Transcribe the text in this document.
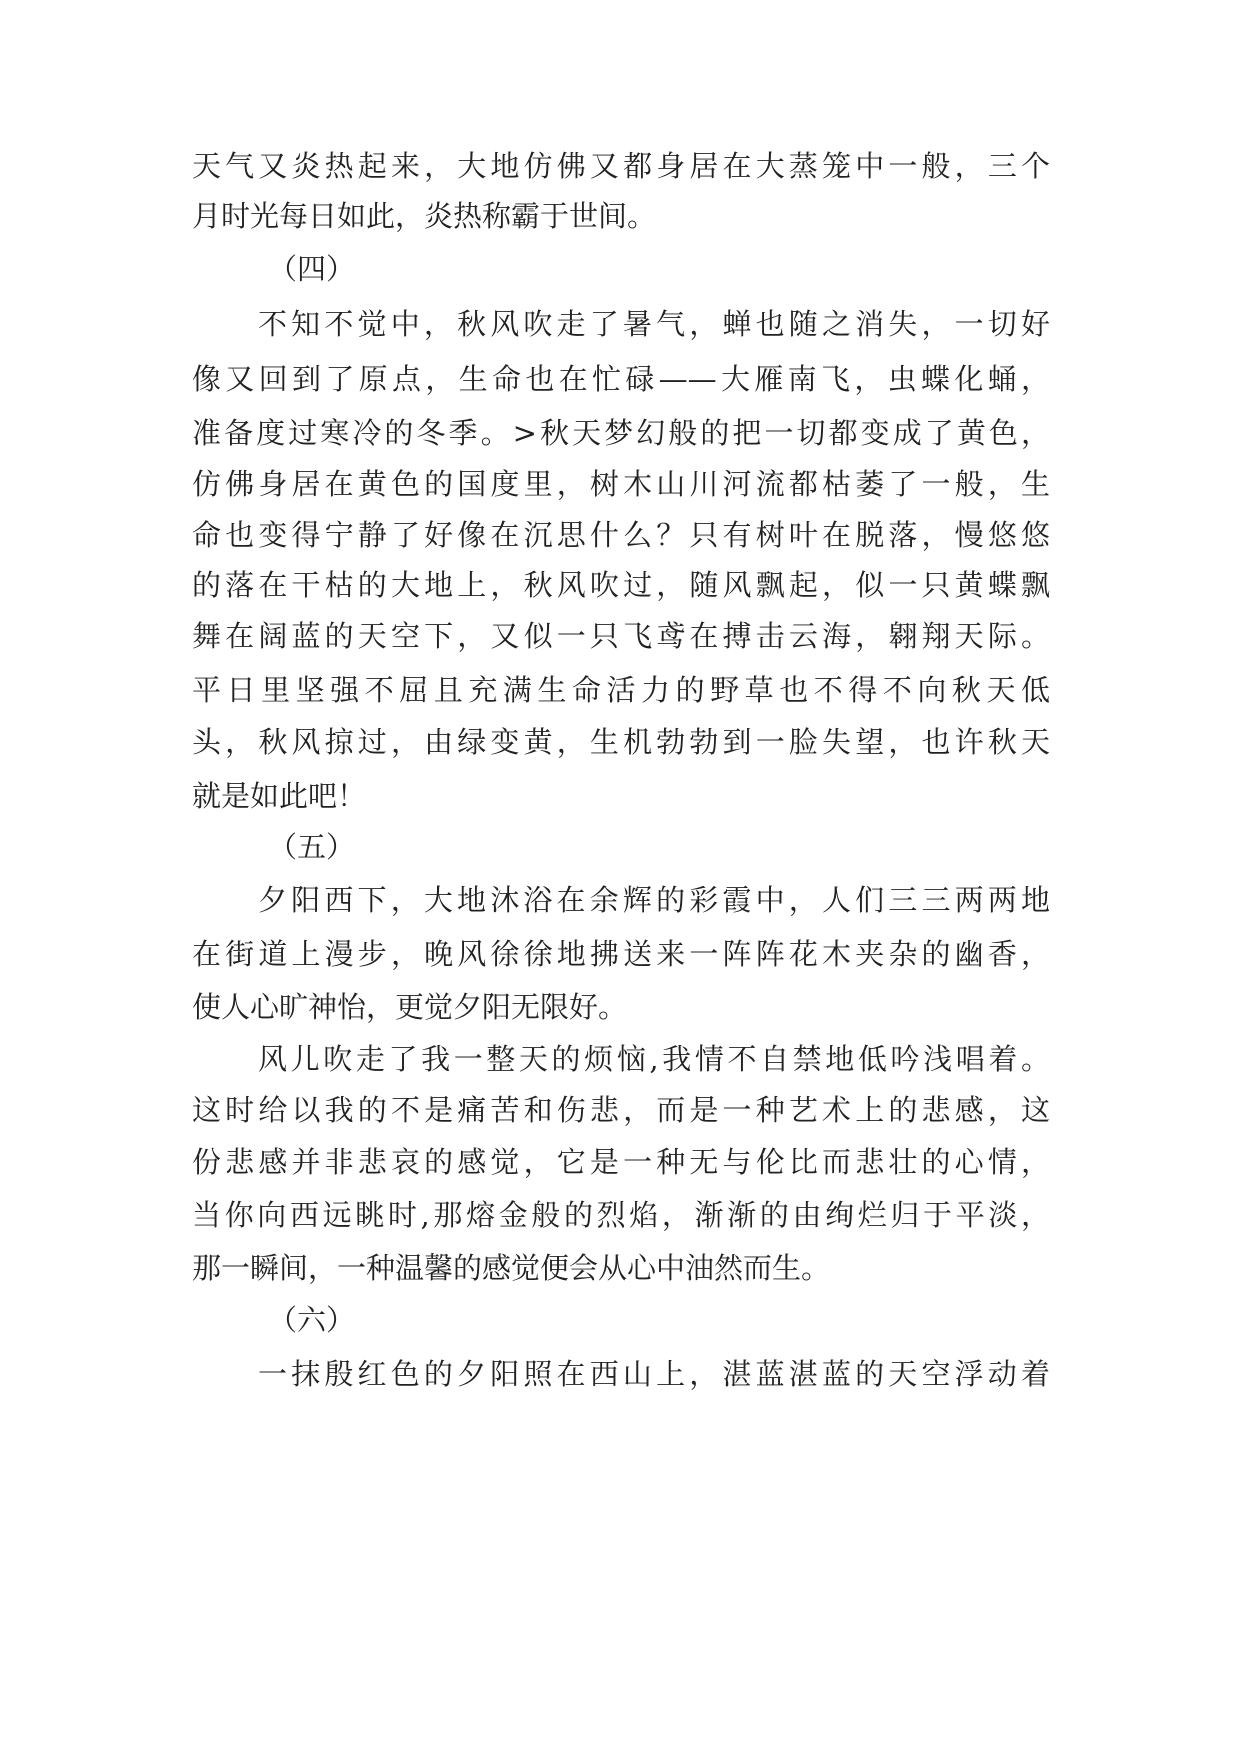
天气又炎热起来，大地仿佛又都身居在大蒸笼中一般，三个
月时光每日如此，炎热称霸于世间。
（四）
不知不觉中，秋风吹走了暑气，蝉也随之消失，一切好
像又回到了原点，生命也在忙碌——大雁南飞，虫蝶化蛹，
准备度过寒冷的冬季。>秋天梦幻般的把一切都变成了黄色，
仿佛身居在黄色的国度里，树木山川河流都枯萎了一般，生
命也变得宁静了好像在沉思什么？只有树叶在脱落，慢悠悠
的落在干枯的大地上，秋风吹过，随风飘起，似一只黄蝶飘
舞在阔蓝的天空下，又似一只飞鸢在搏击云海，翱翔天际。
平日里坚强不屈且充满生命活力的野草也不得不向秋天低
头，秋风掠过，由绿变黄，生机勃勃到一脸失望，也许秋天
就是如此吧！
（五）
夕阳西下，大地沐浴在余辉的彩霞中，人们三三两两地
在街道上漫步，晚风徐徐地拂送来一阵阵花木夹杂的幽香，
使人心旷神怡，更觉夕阳无限好。
风儿吹走了我一整天的烦恼,我情不自禁地低吟浅唱着。
这时给以我的不是痛苦和伤悲，而是一种艺术上的悲感，这
份悲感并非悲哀的感觉，它是一种无与伦比而悲壮的心情，
当你向西远眺时,那熔金般的烈焰，渐渐的由绚烂归于平淡，
那一瞬间，一种温馨的感觉便会从心中油然而生。
（六）
一抹殷红色的夕阳照在西山上，湛蓝湛蓝的天空浮动着
